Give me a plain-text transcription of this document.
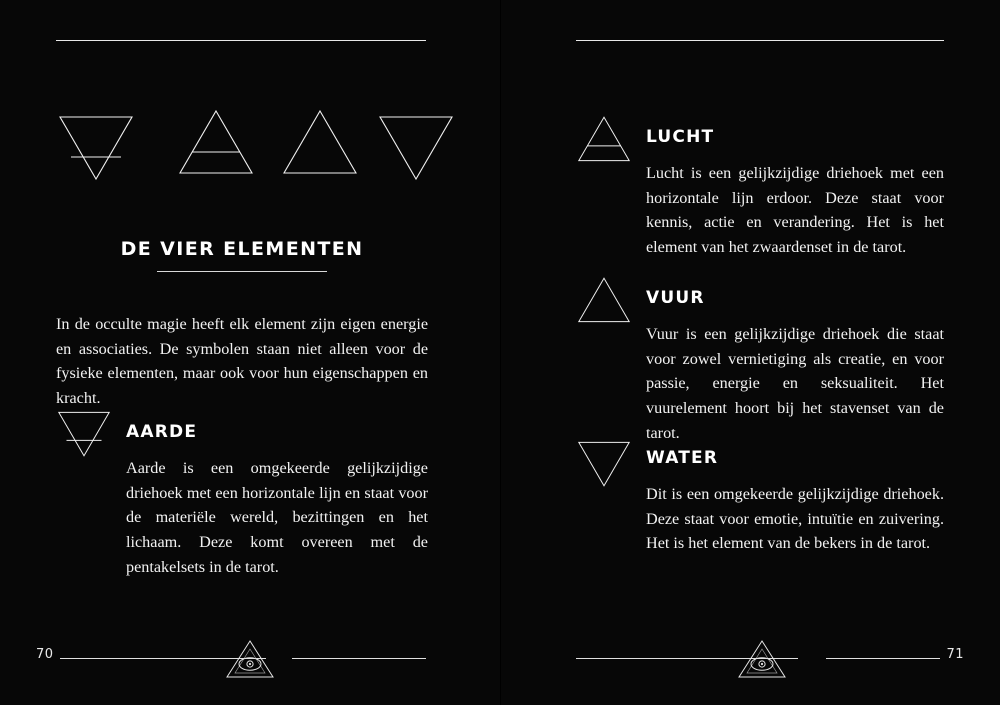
DE VIER ELEMENTEN

In de occulte magie heeft elk element zijn eigen energie en associaties. De symbolen staan niet alleen voor de fysieke elementen, maar ook voor hun eigenschappen en kracht.

AARDE

Aarde is een omgekeerde gelijkzijdige driehoek met een horizontale lijn en staat voor de materiële wereld, bezittingen en het lichaam. Deze komt overeen met de pentakelsets in de tarot.

70
LUCHT

Lucht is een gelijkzijdige driehoek met een horizontale lijn erdoor. Deze staat voor kennis, actie en verandering. Het is het element van het zwaardenset in de tarot.

VUUR

Vuur is een gelijkzijdige driehoek die staat voor zowel vernietiging als creatie, en voor passie, energie en seksualiteit. Het vuurelement hoort bij het stavenset van de tarot.

WATER

Dit is een omgekeerde gelijkzijdige driehoek. Deze staat voor emotie, intuïtie en zuivering. Het is het element van de bekers in de tarot.

71
